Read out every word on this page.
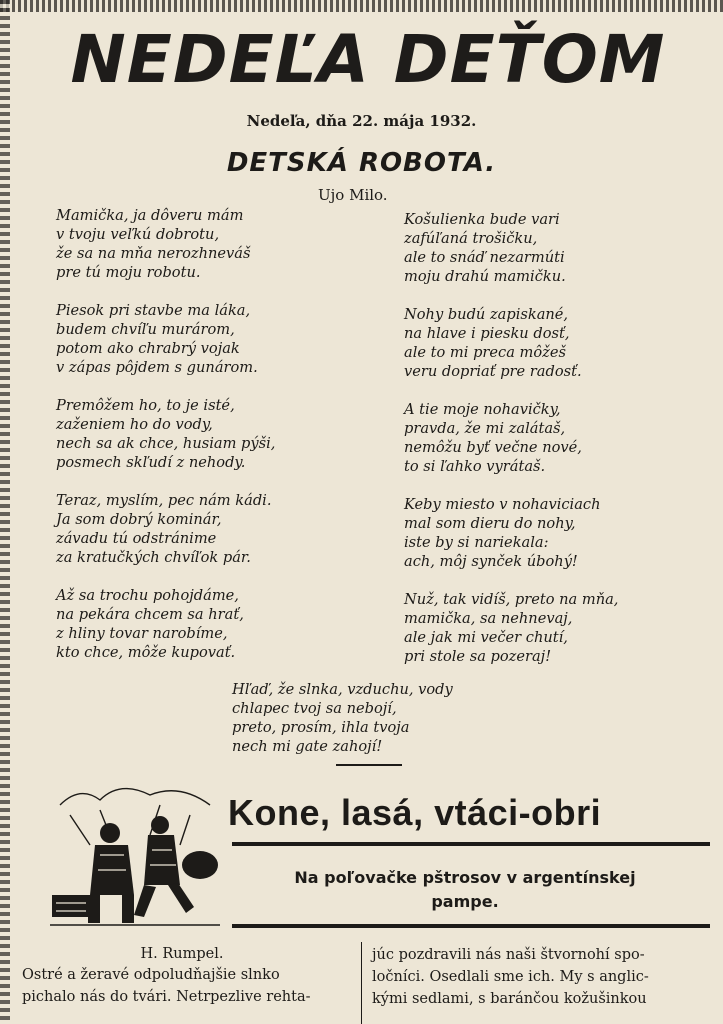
NEDEĽA DEŤOM
Nedeľa, dňa 22. mája 1932.
DETSKÁ ROBOTA.
Ujo Milo.
Mamička, ja dôveru mám
v tvoju veľkú dobrotu,
že sa na mňa nerozhneváš
pre tú moju robotu.
Piesok pri stavbe ma láka,
budem chvíľu murárom,
potom ako chrabrý vojak
v zápas pôjdem s gunárom.
Premôžem ho, to je isté,
zaženiem ho do vody,
nech sa ak chce, husiam pýši,
posmech skľudí z nehody.
Teraz, myslím, pec nám kádi.
Ja som dobrý kominár,
závadu tú odstránime
za kratučkých chvíľok pár.
Až sa trochu pohojdáme,
na pekára chcem sa hrať,
z hliny tovar narobíme,
kto chce, môže kupovať.
Košulienka bude vari
zafúľaná trošičku,
ale to snáď nezarmúti
moju drahú mamičku.
Nohy budú zapiskané,
na hlave i piesku dosť,
ale to mi preca môžeš
veru dopriať pre radosť.
A tie moje nohavičky,
pravda, že mi zalátaš,
nemôžu byť večne nové,
to si ľahko vyrátaš.
Keby miesto v nohaviciach
mal som dieru do nohy,
iste by si nariekala:
ach, môj synček úbohý!
Nuž, tak vidíš, preto na mňa,
mamička, sa nehnevaj,
ale jak mi večer chutí,
pri stole sa pozeraj!
Hľaď, že slnka, vzduchu, vody
chlapec tvoj sa nebojí,
preto, prosím, ihla tvoja
nech mi gate zahojí!
Kone, lasá, vtáci-obri
Na poľovačke pštrosov v argentínskej
pampe.
H. Rumpel.
Ostré a žeravé odpoludňajšie slnko
pichalo nás do tvári. Netrpezlive rehta-
júc pozdravili nás naši štvornohí spo-
ločníci. Osedlali sme ich. My s anglic-
kými sedlami, s baránčou kožušinkou
